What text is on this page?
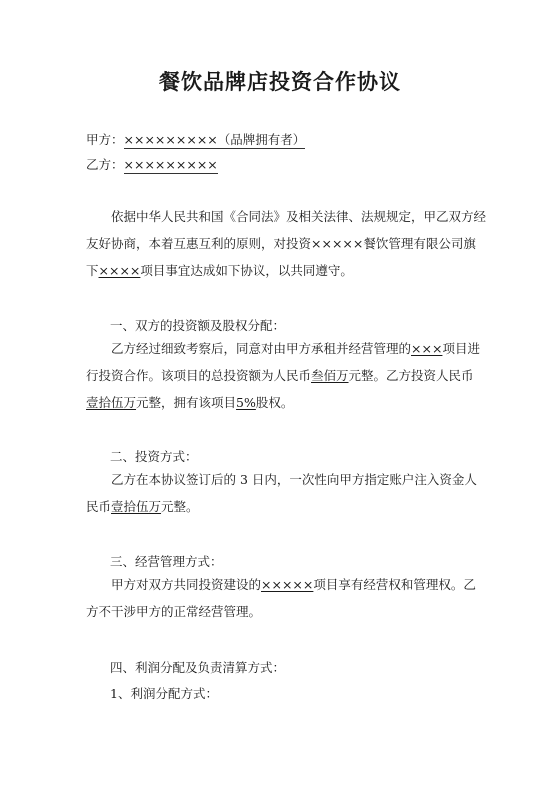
餐饮品牌店投资合作协议
甲方：×××××××××（品牌拥有者）
乙方：×××××××××
依据中华人民共和国《合同法》及相关法律、法规规定，甲乙双方经友好协商，本着互惠互利的原则，对投资×××××餐饮管理有限公司旗下××××项目事宜达成如下协议，以共同遵守。
一、双方的投资额及股权分配：
乙方经过细致考察后，同意对由甲方承租并经营管理的×××项目进行投资合作。该项目的总投资额为人民币叁佰万元整。乙方投资人民币壹拾伍万元整，拥有该项目5%股权。
二、投资方式：
乙方在本协议签订后的 3 日内，一次性向甲方指定账户注入资金人民币壹拾伍万元整。
三、经营管理方式：
甲方对双方共同投资建设的×××××项目享有经营权和管理权。乙方不干涉甲方的正常经营管理。
四、利润分配及负责清算方式：
1、利润分配方式：
